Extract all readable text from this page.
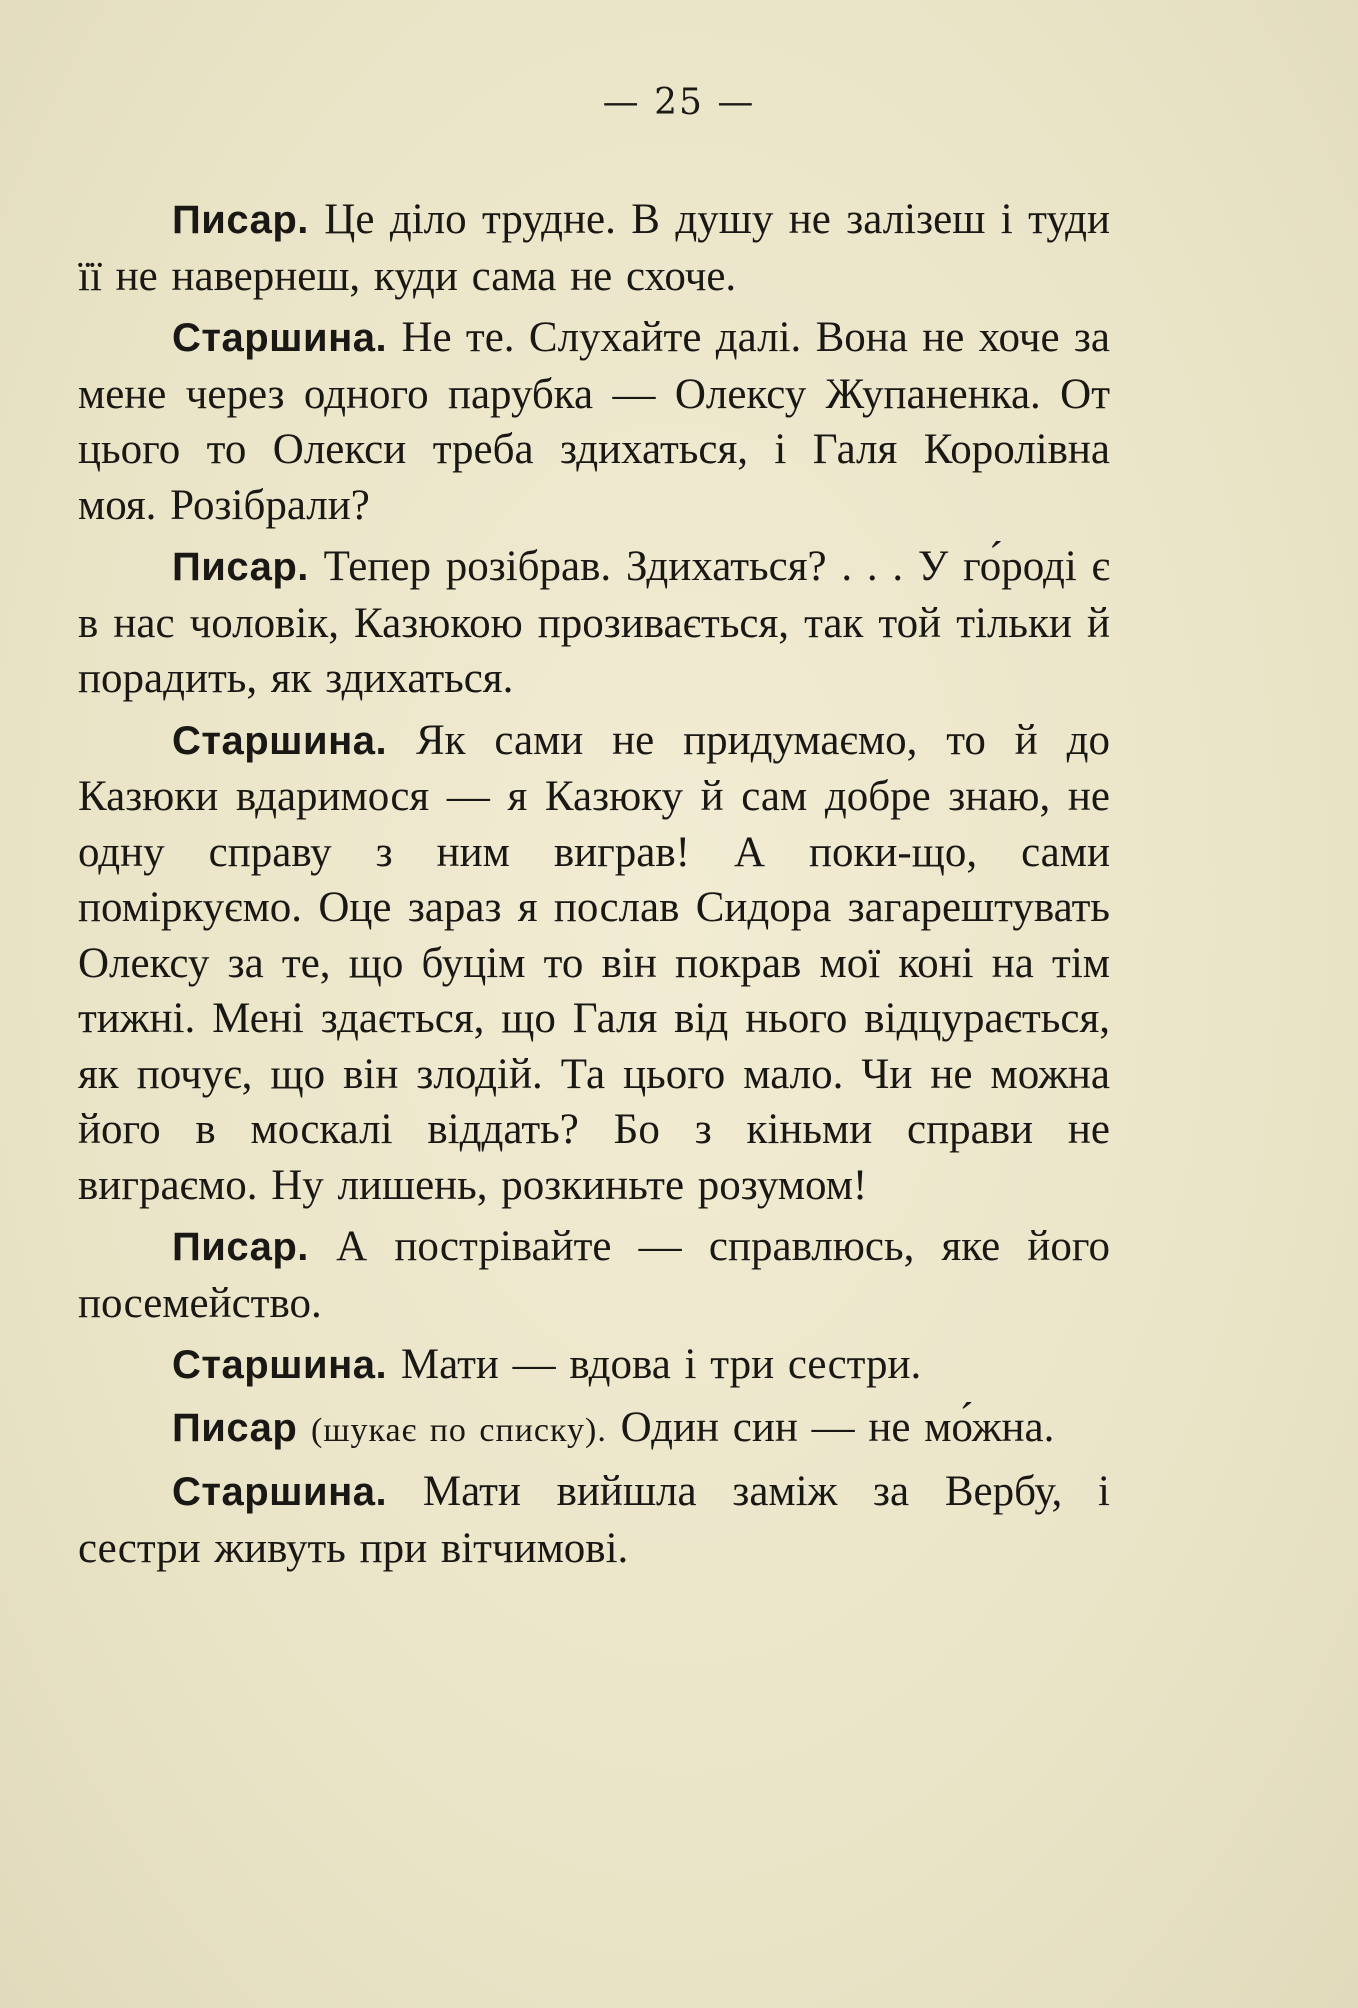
— 25 —

Писар. Це діло трудне. В душу не залізеш і туди її не навернеш, куди сама не схоче.

Старшина. Не те. Слухайте далі. Вона не хоче за мене через одного парубка — Олексу Жупаненка. От цього то Олекси треба здихаться, і Галя Королівна моя. Розібрали?

Писар. Тепер розібрав. Здихаться? . . . У го́роді є в нас чоловік, Казюкою прозивається, так той тільки й порадить, як здихаться.

Старшина. Як сами не придумаємо, то й до Казюки вдаримося — я Казюку й сам добре знаю, не одну справу з ним виграв! А поки-що, сами поміркуємо. Оце зараз я послав Сидора загарештувать Олексу за те, що буцім то він покрав мої коні на тім тижні. Мені здається, що Галя від нього відцурається, як почує, що він злодій. Та цього мало. Чи не можна його в москалі віддать? Бо з кіньми справи не виграємо. Ну лишень, розкиньте розумом!

Писар. А пострівайте — справлюсь, яке його посемейство.

Старшина. Мати — вдова і три сестри.

Писар (шукає по списку). Один син — не мо́жна.

Старшина. Мати вийшла заміж за Вербу, і сестри живуть при вітчимові.
